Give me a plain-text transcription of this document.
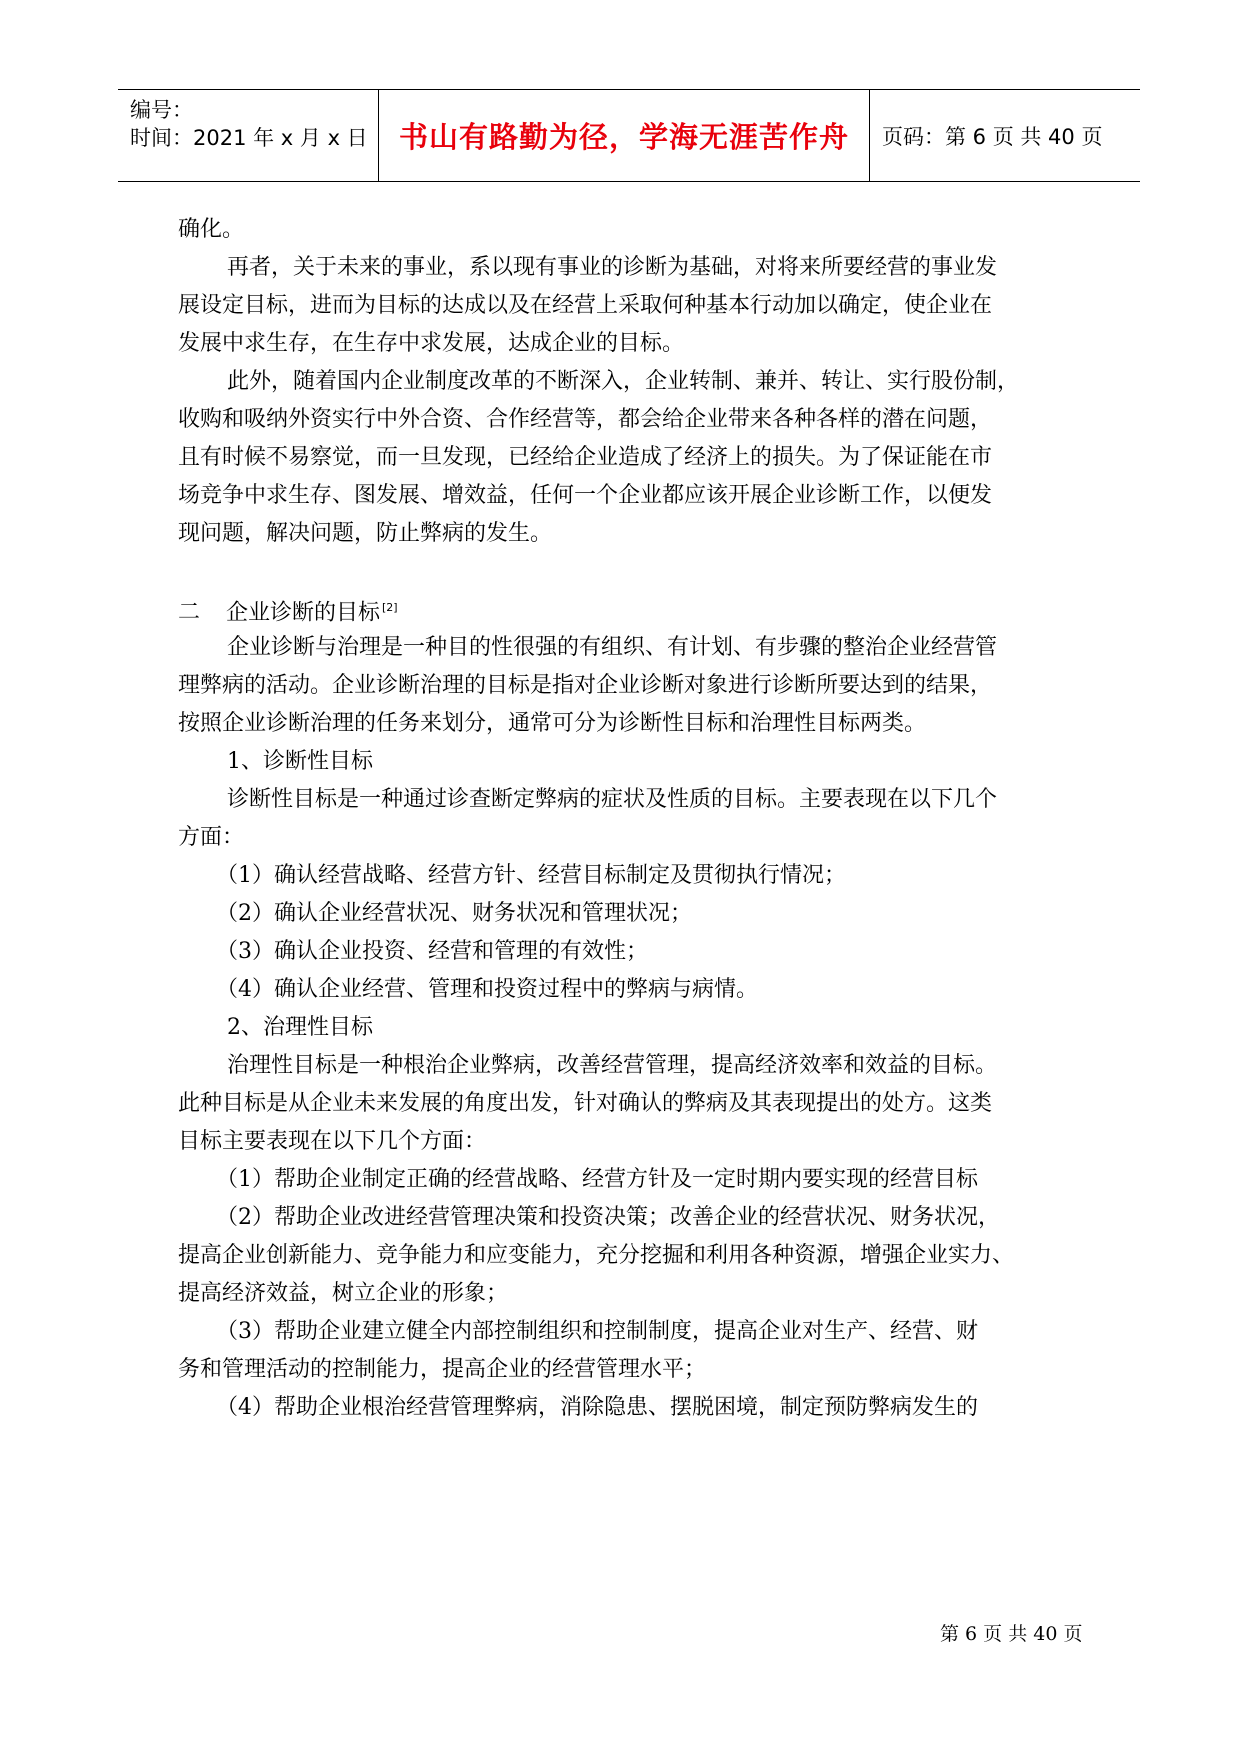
编号：
时间：2021 年 x 月 x 日 书山有路勤为径，学海无涯苦作舟 页码：第 6 页 共 40 页
确化。
再者，关于未来的事业，系以现有事业的诊断为基础，对将来所要经营的事业发
展设定目标，进而为目标的达成以及在经营上采取何种基本行动加以确定，使企业在
发展中求生存，在生存中求发展，达成企业的目标。
此外，随着国内企业制度改革的不断深入，企业转制、兼并、转让、实行股份制，
收购和吸纳外资实行中外合资、合作经营等，都会给企业带来各种各样的潜在问题，
且有时候不易察觉，而一旦发现，已经给企业造成了经济上的损失。为了保证能在市
场竞争中求生存、图发展、增效益，任何一个企业都应该开展企业诊断工作，以便发
现问题，解决问题，防止弊病的发生。
二 企业诊断的目标 [2]
企业诊断与治理是一种目的性很强的有组织、有计划、有步骤的整治企业经营管
理弊病的活动。企业诊断治理的目标是指对企业诊断对象进行诊断所要达到的结果，
按照企业诊断治理的任务来划分，通常可分为诊断性目标和治理性目标两类。
1、诊断性目标
诊断性目标是一种通过诊查断定弊病的症状及性质的目标。主要表现在以下几个
方面：
（1）确认经营战略、经营方针、经营目标制定及贯彻执行情况；
（2）确认企业经营状况、财务状况和管理状况；
（3）确认企业投资、经营和管理的有效性；
（4）确认企业经营、管理和投资过程中的弊病与病情。
2、治理性目标
治理性目标是一种根治企业弊病，改善经营管理，提高经济效率和效益的目标。
此种目标是从企业未来发展的角度出发，针对确认的弊病及其表现提出的处方。这类
目标主要表现在以下几个方面：
（1）帮助企业制定正确的经营战略、经营方针及一定时期内要实现的经营目标
（2）帮助企业改进经营管理决策和投资决策；改善企业的经营状况、财务状况，
提高企业创新能力、竞争能力和应变能力，充分挖掘和利用各种资源，增强企业实力、
提高经济效益，树立企业的形象；
（3）帮助企业建立健全内部控制组织和控制制度，提高企业对生产、经营、财
务和管理活动的控制能力，提高企业的经营管理水平；
（4）帮助企业根治经营管理弊病，消除隐患、摆脱困境，制定预防弊病发生的
第 6 页 共 40 页
